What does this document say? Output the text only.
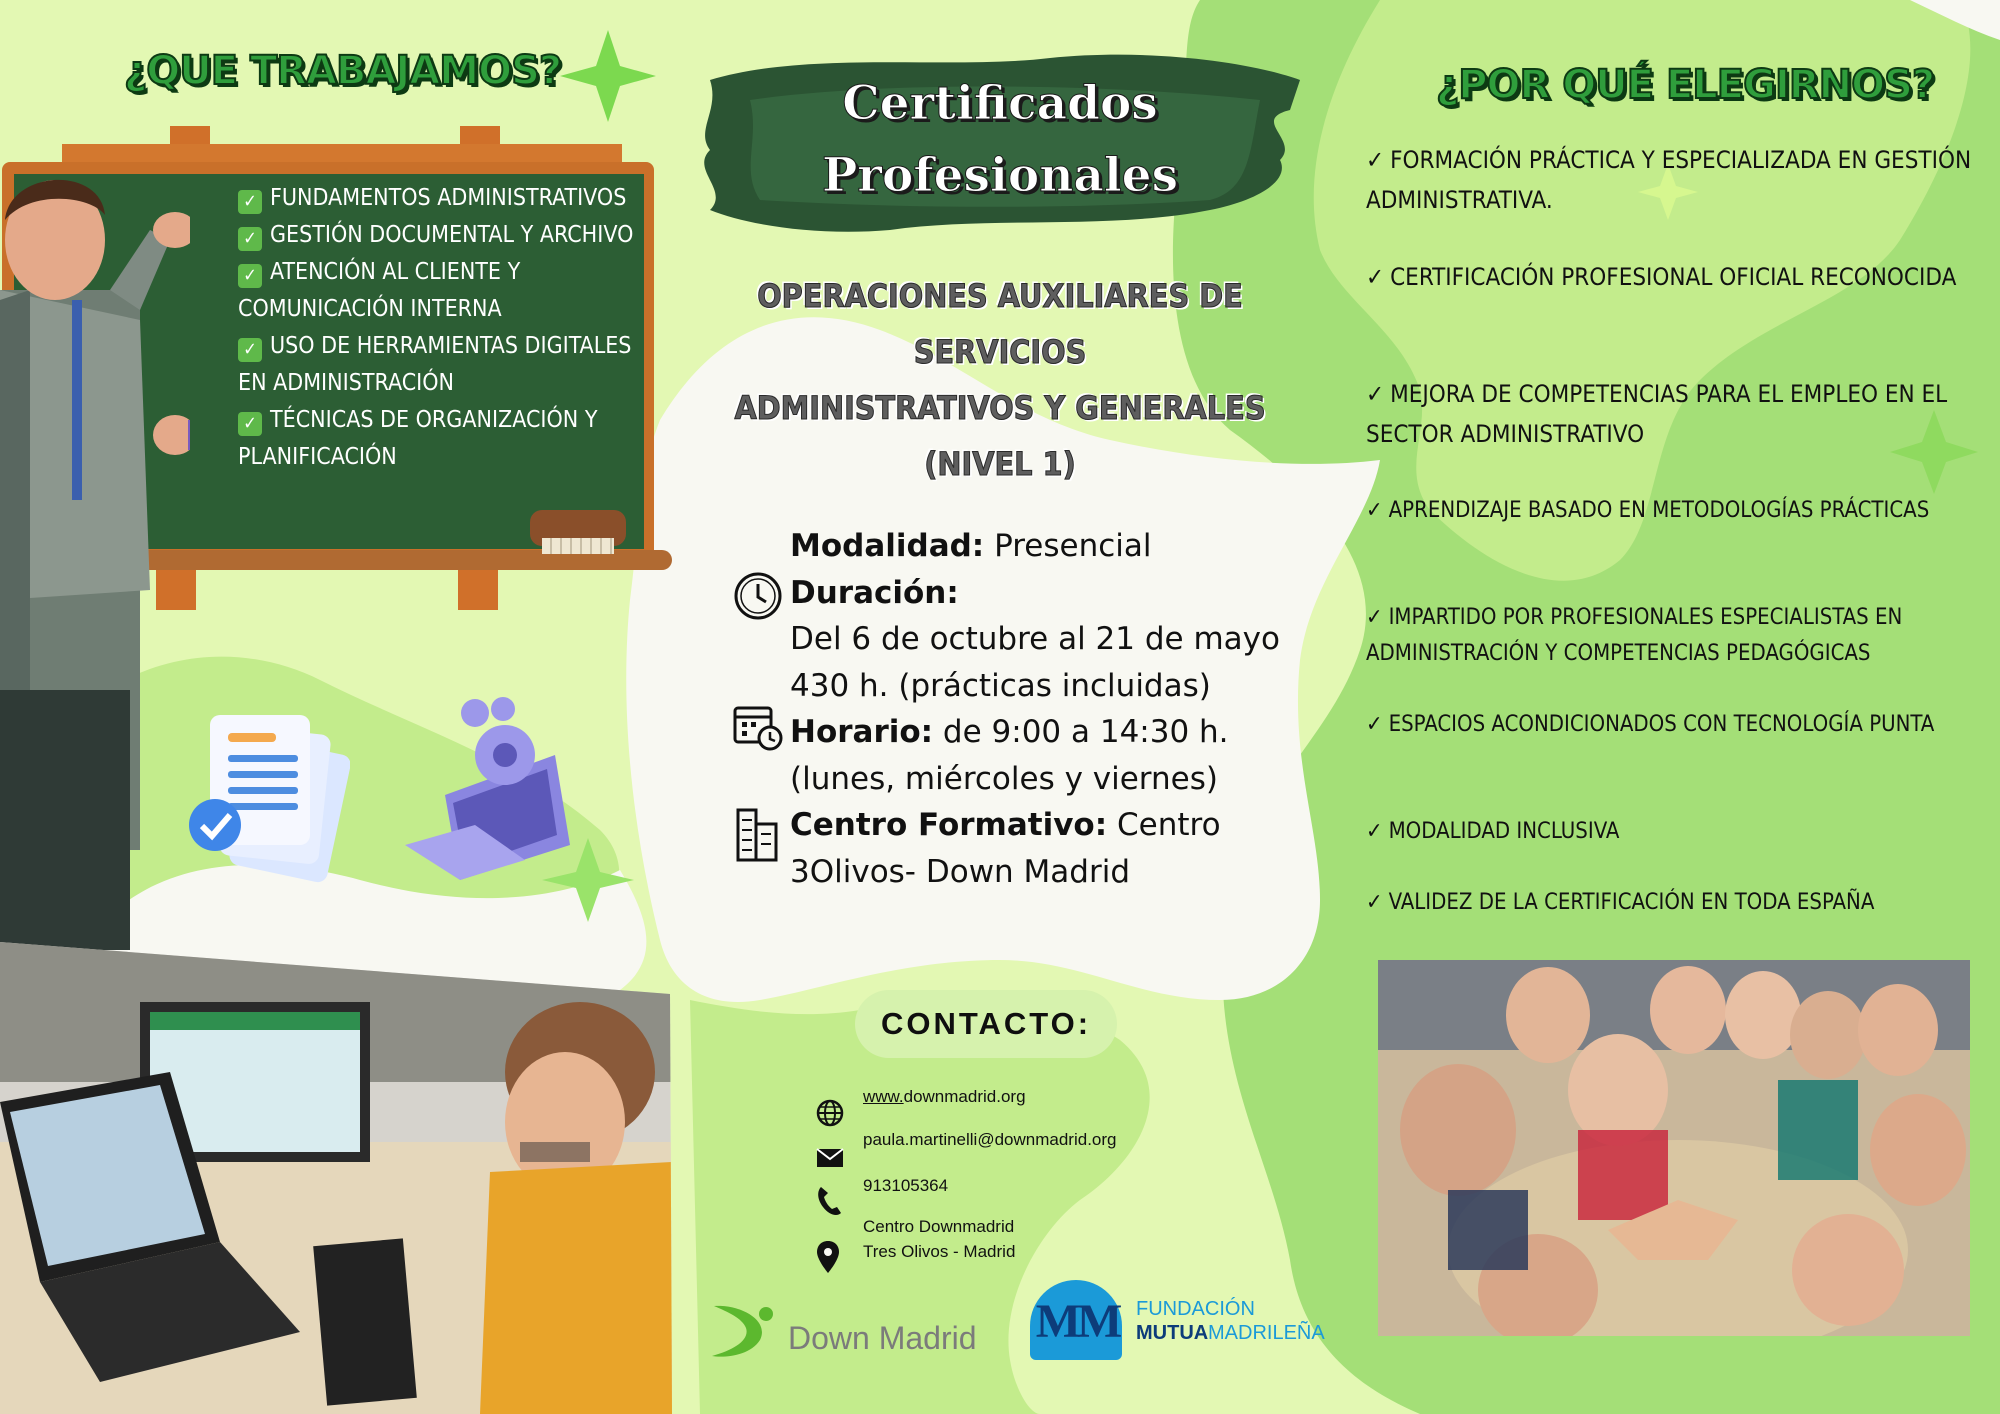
¿QUE TRABAJAMOS?
✓ FUNDAMENTOS ADMINISTRATIVOS
✓ GESTIÓN DOCUMENTAL Y ARCHIVO
✓ ATENCIÓN AL CLIENTE Y COMUNICACIÓN INTERNA
✓ USO DE HERRAMIENTAS DIGITALES EN ADMINISTRACIÓN
✓ TÉCNICAS DE ORGANIZACIÓN Y PLANIFICACIÓN
Certificados
Profesionales
OPERACIONES AUXILIARES DE SERVICIOS
ADMINISTRATIVOS Y GENERALES
(NIVEL 1)
Modalidad: Presencial
Duración:
Del 6 de octubre al 21 de mayo
430 h. (prácticas incluidas)
Horario: de 9:00 a 14:30 h.
(lunes, miércoles y viernes)
Centro Formativo: Centro 3Olivos- Down Madrid
CONTACTO:
www.downmadrid.org
paula.martinelli@downmadrid.org
913105364
Centro Downmadrid
Tres Olivos - Madrid
Down Madrid MM FUNDACIÓN
MUTUA MADRILEÑA
¿POR QUÉ ELEGIRNOS?
✓ FORMACIÓN PRÁCTICA Y ESPECIALIZADA EN GESTIÓN ADMINISTRATIVA.
✓ CERTIFICACIÓN PROFESIONAL OFICIAL RECONOCIDA
✓ MEJORA DE COMPETENCIAS PARA EL EMPLEO EN EL SECTOR ADMINISTRATIVO
✓ APRENDIZAJE BASADO EN METODOLOGÍAS PRÁCTICAS
✓ IMPARTIDO POR PROFESIONALES ESPECIALISTAS EN ADMINISTRACIÓN Y COMPETENCIAS PEDAGÓGICAS
✓ ESPACIOS ACONDICIONADOS CON TECNOLOGÍA PUNTA
✓ MODALIDAD INCLUSIVA
✓ VALIDEZ DE LA CERTIFICACIÓN EN TODA ESPAÑA
